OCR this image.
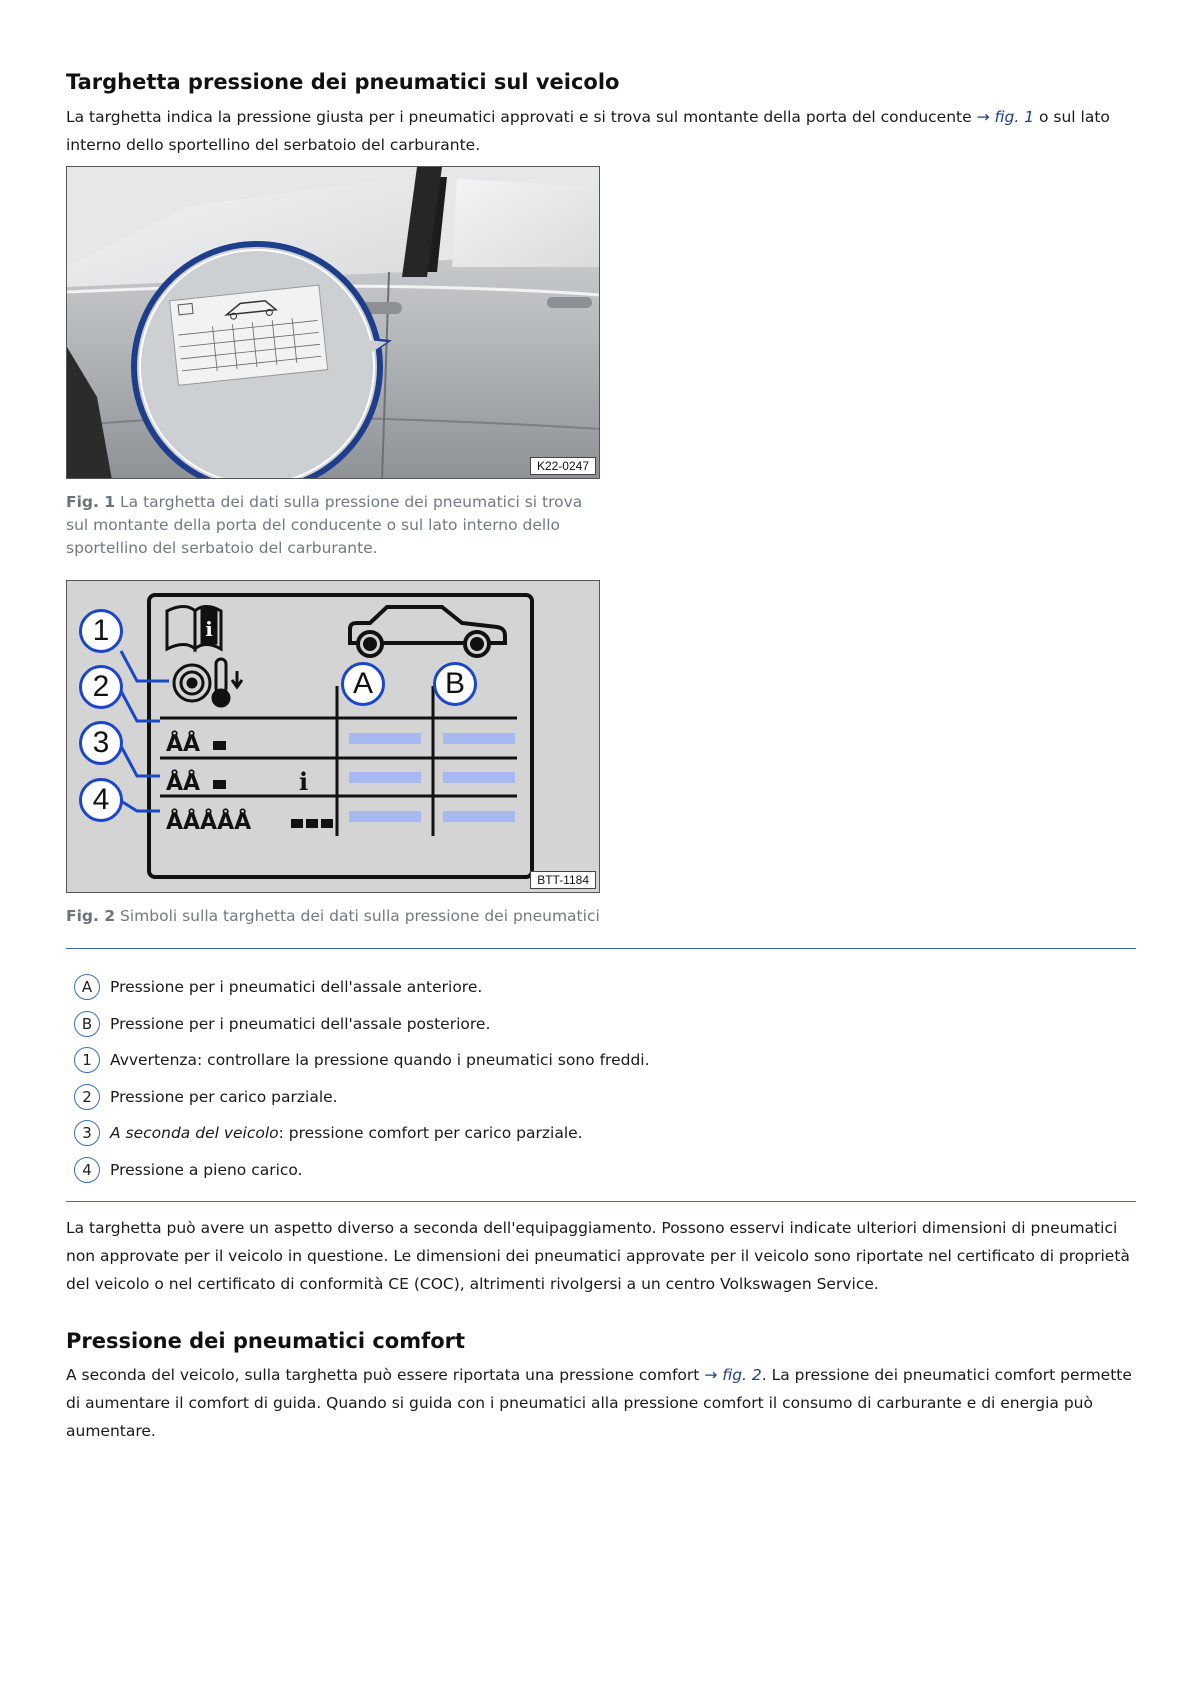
Targhetta pressione dei pneumatici sul veicolo

La targhetta indica la pressione giusta per i pneumatici approvati e si trova sul montante della porta del conducente → fig. 1 o sul lato interno dello sportellino del serbatoio del carburante.

K22-0247

Fig. 1 La targhetta dei dati sulla pressione dei pneumatici si trova sul montante della porta del conducente o sul lato interno dello sportellino del serbatoio del carburante.

i
ÅÅ
ÅÅ	i
ÅÅÅÅÅ
1
2
3
4
A	B
BTT-1184

Fig. 2 Simboli sulla targhetta dei dati sulla pressione dei pneumatici

A	Pressione per i pneumatici dell'assale anteriore.
B	Pressione per i pneumatici dell'assale posteriore.
1	Avvertenza: controllare la pressione quando i pneumatici sono freddi.
2	Pressione per carico parziale.
3	A seconda del veicolo: pressione comfort per carico parziale.
4	Pressione a pieno carico.

La targhetta può avere un aspetto diverso a seconda dell'equipaggiamento. Possono esservi indicate ulteriori dimensioni di pneumatici non approvate per il veicolo in questione. Le dimensioni dei pneumatici approvate per il veicolo sono riportate nel certificato di proprietà del veicolo o nel certificato di conformità CE (COC), altrimenti rivolgersi a un centro Volkswagen Service.

Pressione dei pneumatici comfort

A seconda del veicolo, sulla targhetta può essere riportata una pressione comfort → fig. 2. La pressione dei pneumatici comfort permette di aumentare il comfort di guida. Quando si guida con i pneumatici alla pressione comfort il consumo di carburante e di energia può aumentare.
